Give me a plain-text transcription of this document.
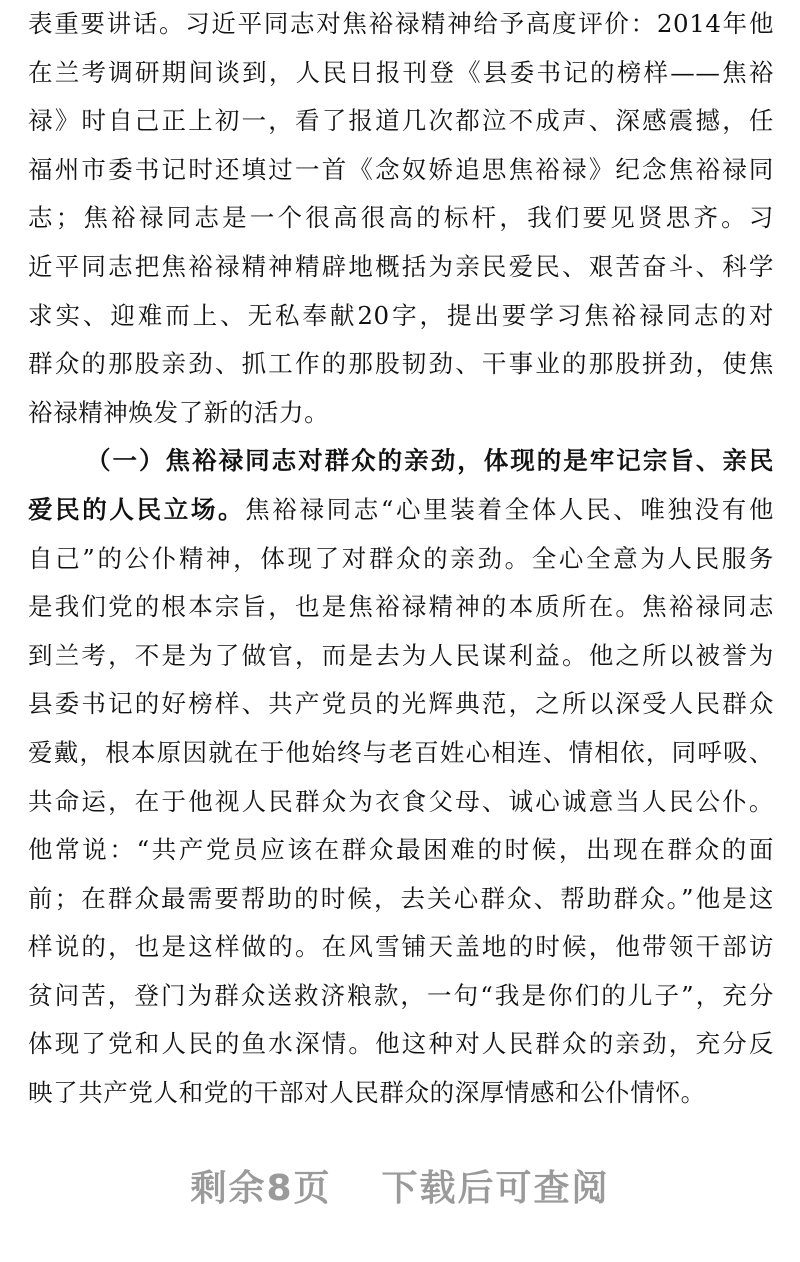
表重要讲话。习近平同志对焦裕禄精神给予高度评价：2014年他
在兰考调研期间谈到，人民日报刊登《县委书记的榜样——焦裕
禄》时自己正上初一，看了报道几次都泣不成声、深感震撼，任
福州市委书记时还填过一首《念奴娇追思焦裕禄》纪念焦裕禄同
志；焦裕禄同志是一个很高很高的标杆，我们要见贤思齐。习
近平同志把焦裕禄精神精辟地概括为亲民爱民、艰苦奋斗、科学
求实、迎难而上、无私奉献20字，提出要学习焦裕禄同志的对
群众的那股亲劲、抓工作的那股韧劲、干事业的那股拼劲，使焦
裕禄精神焕发了新的活力。
（一）焦裕禄同志对群众的亲劲，体现的是牢记宗旨、亲民
爱民的人民立场。焦裕禄同志“心里装着全体人民、唯独没有他
自己”的公仆精神，体现了对群众的亲劲。全心全意为人民服务
是我们党的根本宗旨，也是焦裕禄精神的本质所在。焦裕禄同志
到兰考，不是为了做官，而是去为人民谋利益。他之所以被誉为
县委书记的好榜样、共产党员的光辉典范，之所以深受人民群众
爱戴，根本原因就在于他始终与老百姓心相连、情相依，同呼吸、
共命运，在于他视人民群众为衣食父母、诚心诚意当人民公仆。
他常说：“共产党员应该在群众最困难的时候，出现在群众的面
前；在群众最需要帮助的时候，去关心群众、帮助群众。”他是这
样说的，也是这样做的。在风雪铺天盖地的时候，他带领干部访
贫问苦，登门为群众送救济粮款，一句“我是你们的儿子”，充分
体现了党和人民的鱼水深情。他这种对人民群众的亲劲，充分反
映了共产党人和党的干部对人民群众的深厚情感和公仆情怀。
剩余8页 下载后可查阅
